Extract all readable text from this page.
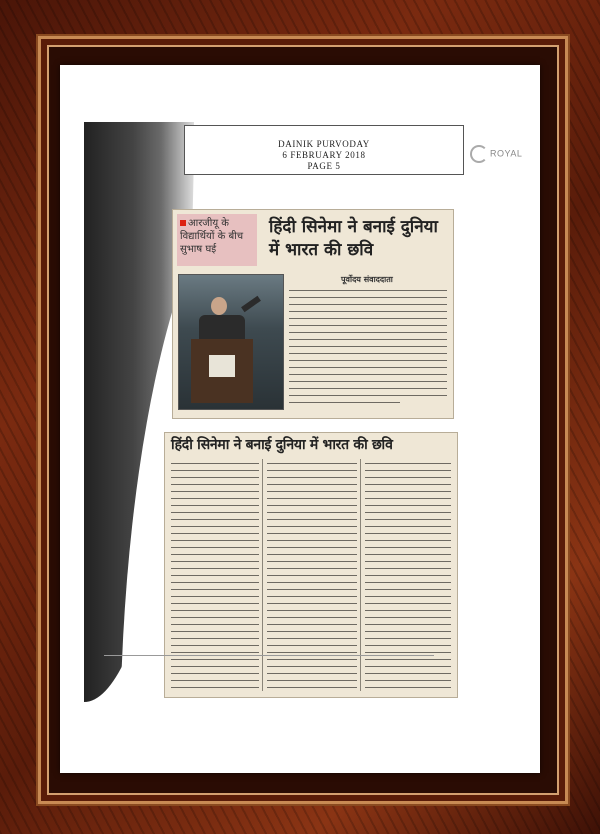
DAINIK PURVODAY
6 FEBRUARY 2018
PAGE 5
ROYAL
आरजीयू के विद्यार्थियों के बीच सुभाष घई
हिंदी सिनेमा ने बनाई दुनिया में भारत की छवि
पूर्वोदय संवाददाता
हिंदी सिनेमा ने बनाई दुनिया में भारत की छवि
